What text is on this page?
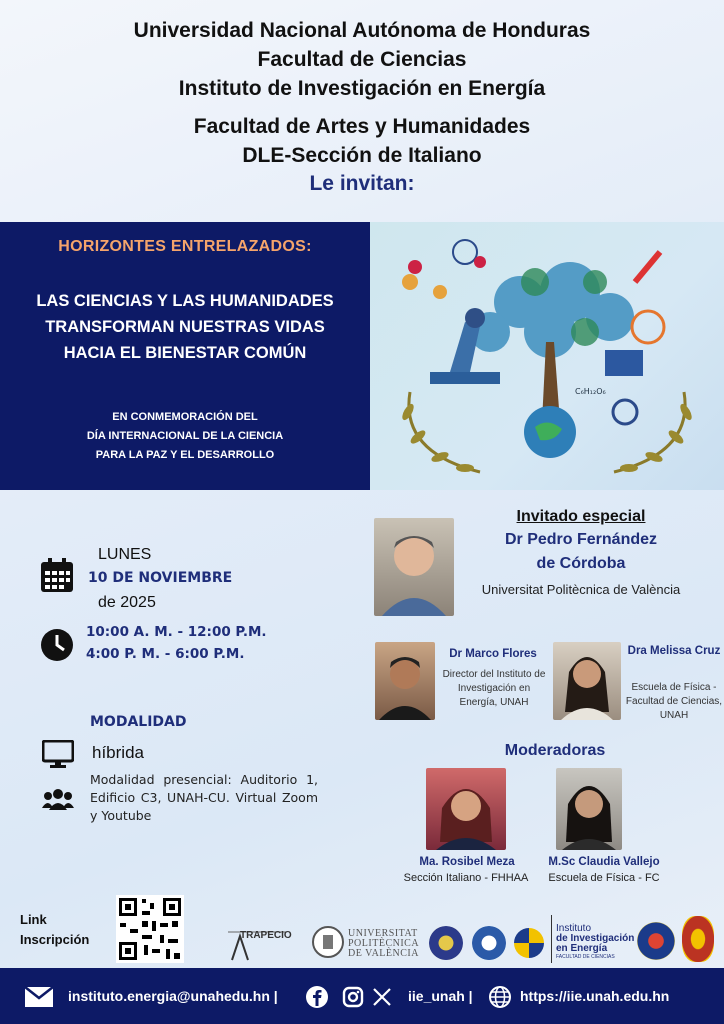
Universidad Nacional Autónoma de Honduras
Facultad de Ciencias
Instituto de Investigación en Energía
Facultad de Artes y Humanidades
DLE-Sección de Italiano
Le invitan:
HORIZONTES ENTRELAZADOS:
LAS CIENCIAS Y LAS HUMANIDADES
TRANSFORMAN NUESTRAS VIDAS
HACIA EL BIENESTAR COMÚN
EN CONMEMORACIÓN DEL
DÍA INTERNACIONAL DE LA CIENCIA
PARA LA PAZ Y EL DESARROLLO
C₆H₁₂O₆
LUNES
10 DE NOVIEMBRE
de 2025
10:00 A. M. - 12:00 P.M.
4:00 P. M. - 6:00 P.M.
MODALIDAD
híbrida
Modalidad presencial: Auditorio 1, Edificio C3, UNAH-CU. Virtual Zoom y Youtube
Invitado especial
Dr Pedro Fernández
de Córdoba
Universitat Politècnica de València
Dr Marco Flores
Director del Instituto de Investigación en Energía, UNAH
Dra Melissa Cruz
Escuela de Física - Facultad de Ciencias, UNAH
Moderadoras
Ma. Rosibel Meza
Sección Italiano - FHHAA
M.Sc Claudia Vallejo
Escuela de Física - FC
Link
Inscripción	TRAPECIO	UNIVERSITAT
POLITÈCNICA
DE VALÈNCIA
Instituto
de Investigación
en Energía
FACULTAD DE CIENCIAS
instituto.energia@unahedu.hn |	iie_unah |	https://iie.unah.edu.hn
